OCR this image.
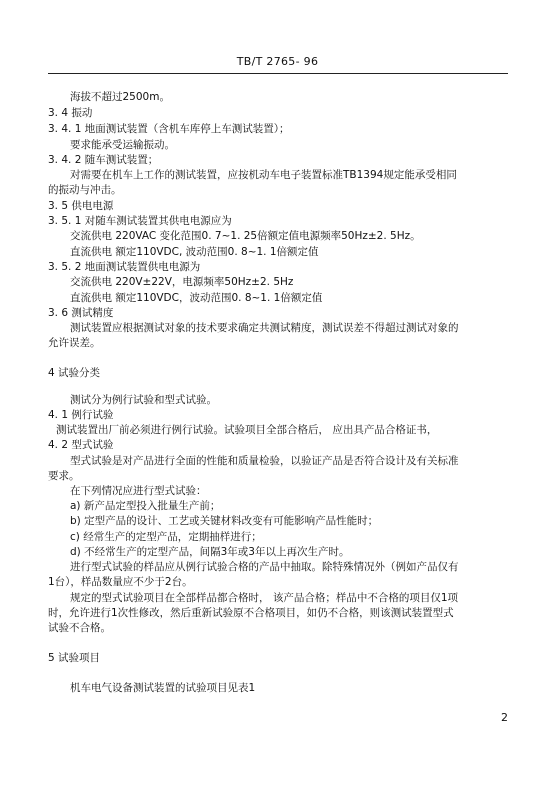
TB/T 2765- 96
海拔不超过2500m。
3. 4 振动
3. 4. 1 地面测试装置（含机车库停上车测试装置）；
要求能承受运输振动。
3. 4. 2 随车测试装置；
对需要在机车上工作的测试装置，应按机动车电子装置标准TB1394规定能承受相同
的振动与冲击。
3. 5 供电电源
3. 5. 1 对随车测试装置其供电电源应为
交流供电 220VAC 变化范围0. 7~1. 25倍额定值电源频率50Hz±2. 5Hz。
直流供电 额定110VDC, 波动范围0. 8~1. 1倍额定值
3. 5. 2 地面测试装置供电电源为
交流供电 220V±22V，电源频率50Hz±2. 5Hz
直流供电 额定110VDC，波动范围0. 8~1. 1倍额定值
3. 6 测试精度
测试装置应根据测试对象的技术要求确定共测试精度，测试误差不得超过测试对象的
允许误差。
4 试验分类
测试分为例行试验和型式试验。
4. 1 例行试验
测试装置出厂前必须进行例行试验。试验项目全部合格后， 应出具产品合格证书，
4. 2 型式试验
型式试验是对产品进行全面的性能和质量检验，以验证产品是否符合设计及有关标准
要求。
在下列情况应进行型式试验：
a) 新产品定型投入批量生产前；
b) 定型产品的设计、工艺或关键材料改变有可能影响产品性能时；
c) 经常生产的定型产品，定期抽样进行；
d) 不经常生产的定型产品，间隔3年或3年以上再次生产时。
进行型式试验的样品应从例行试验合格的产品中抽取。除特殊情况外（例如产品仅有
1台），样品数量应不少于2台。
规定的型式试验项目在全部样品都合格时， 该产品合格；样品中不合格的项目仅1项
时，允许进行1次性修改，然后重新试验原不合格项目，如仍不合格，则该测试装置型式
试验不合格。
5 试验项目
机车电气设备测试装置的试验项目见表1
2
